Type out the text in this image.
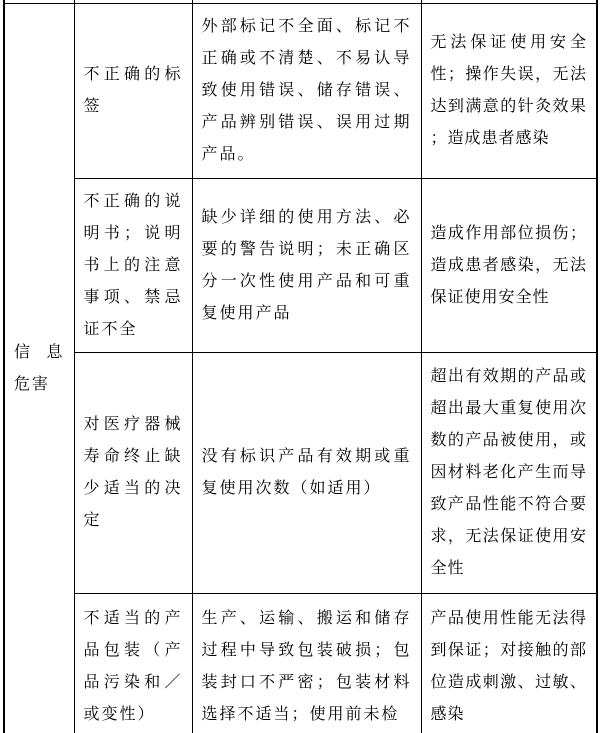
信息危害	不正确的标签	外部标记不全面、标记不正确或不清楚、不易认导致使用错误、储存错误、产品辨别错误、误用过期产品。	无法保证使用安全性；操作失误，无法达到满意的针灸效果 ；造成患者感染
	不正确的说明书；说明书上的注意事项、禁忌证不全	缺少详细的使用方法、必要的警告说明；未正确区分一次性使用产品和可重复使用产品	造成作用部位损伤；造成患者感染，无法保证使用安全性
	对医疗器械寿命终止缺少适当的决定	没有标识产品有效期或重复使用次数（如适用）	超出有效期的产品或超出最大重复使用次数的产品被使用，或因材料老化产生而导致产品性能不符合要求，无法保证使用安全性
	不适当的产品包装（产品污染和／或变性）	生产、运输、搬运和储存过程中导致包装破损；包装封口不严密；包装材料选择不适当；使用前未检	产品使用性能无法得到保证；对接触的部位造成刺激、过敏、感染
